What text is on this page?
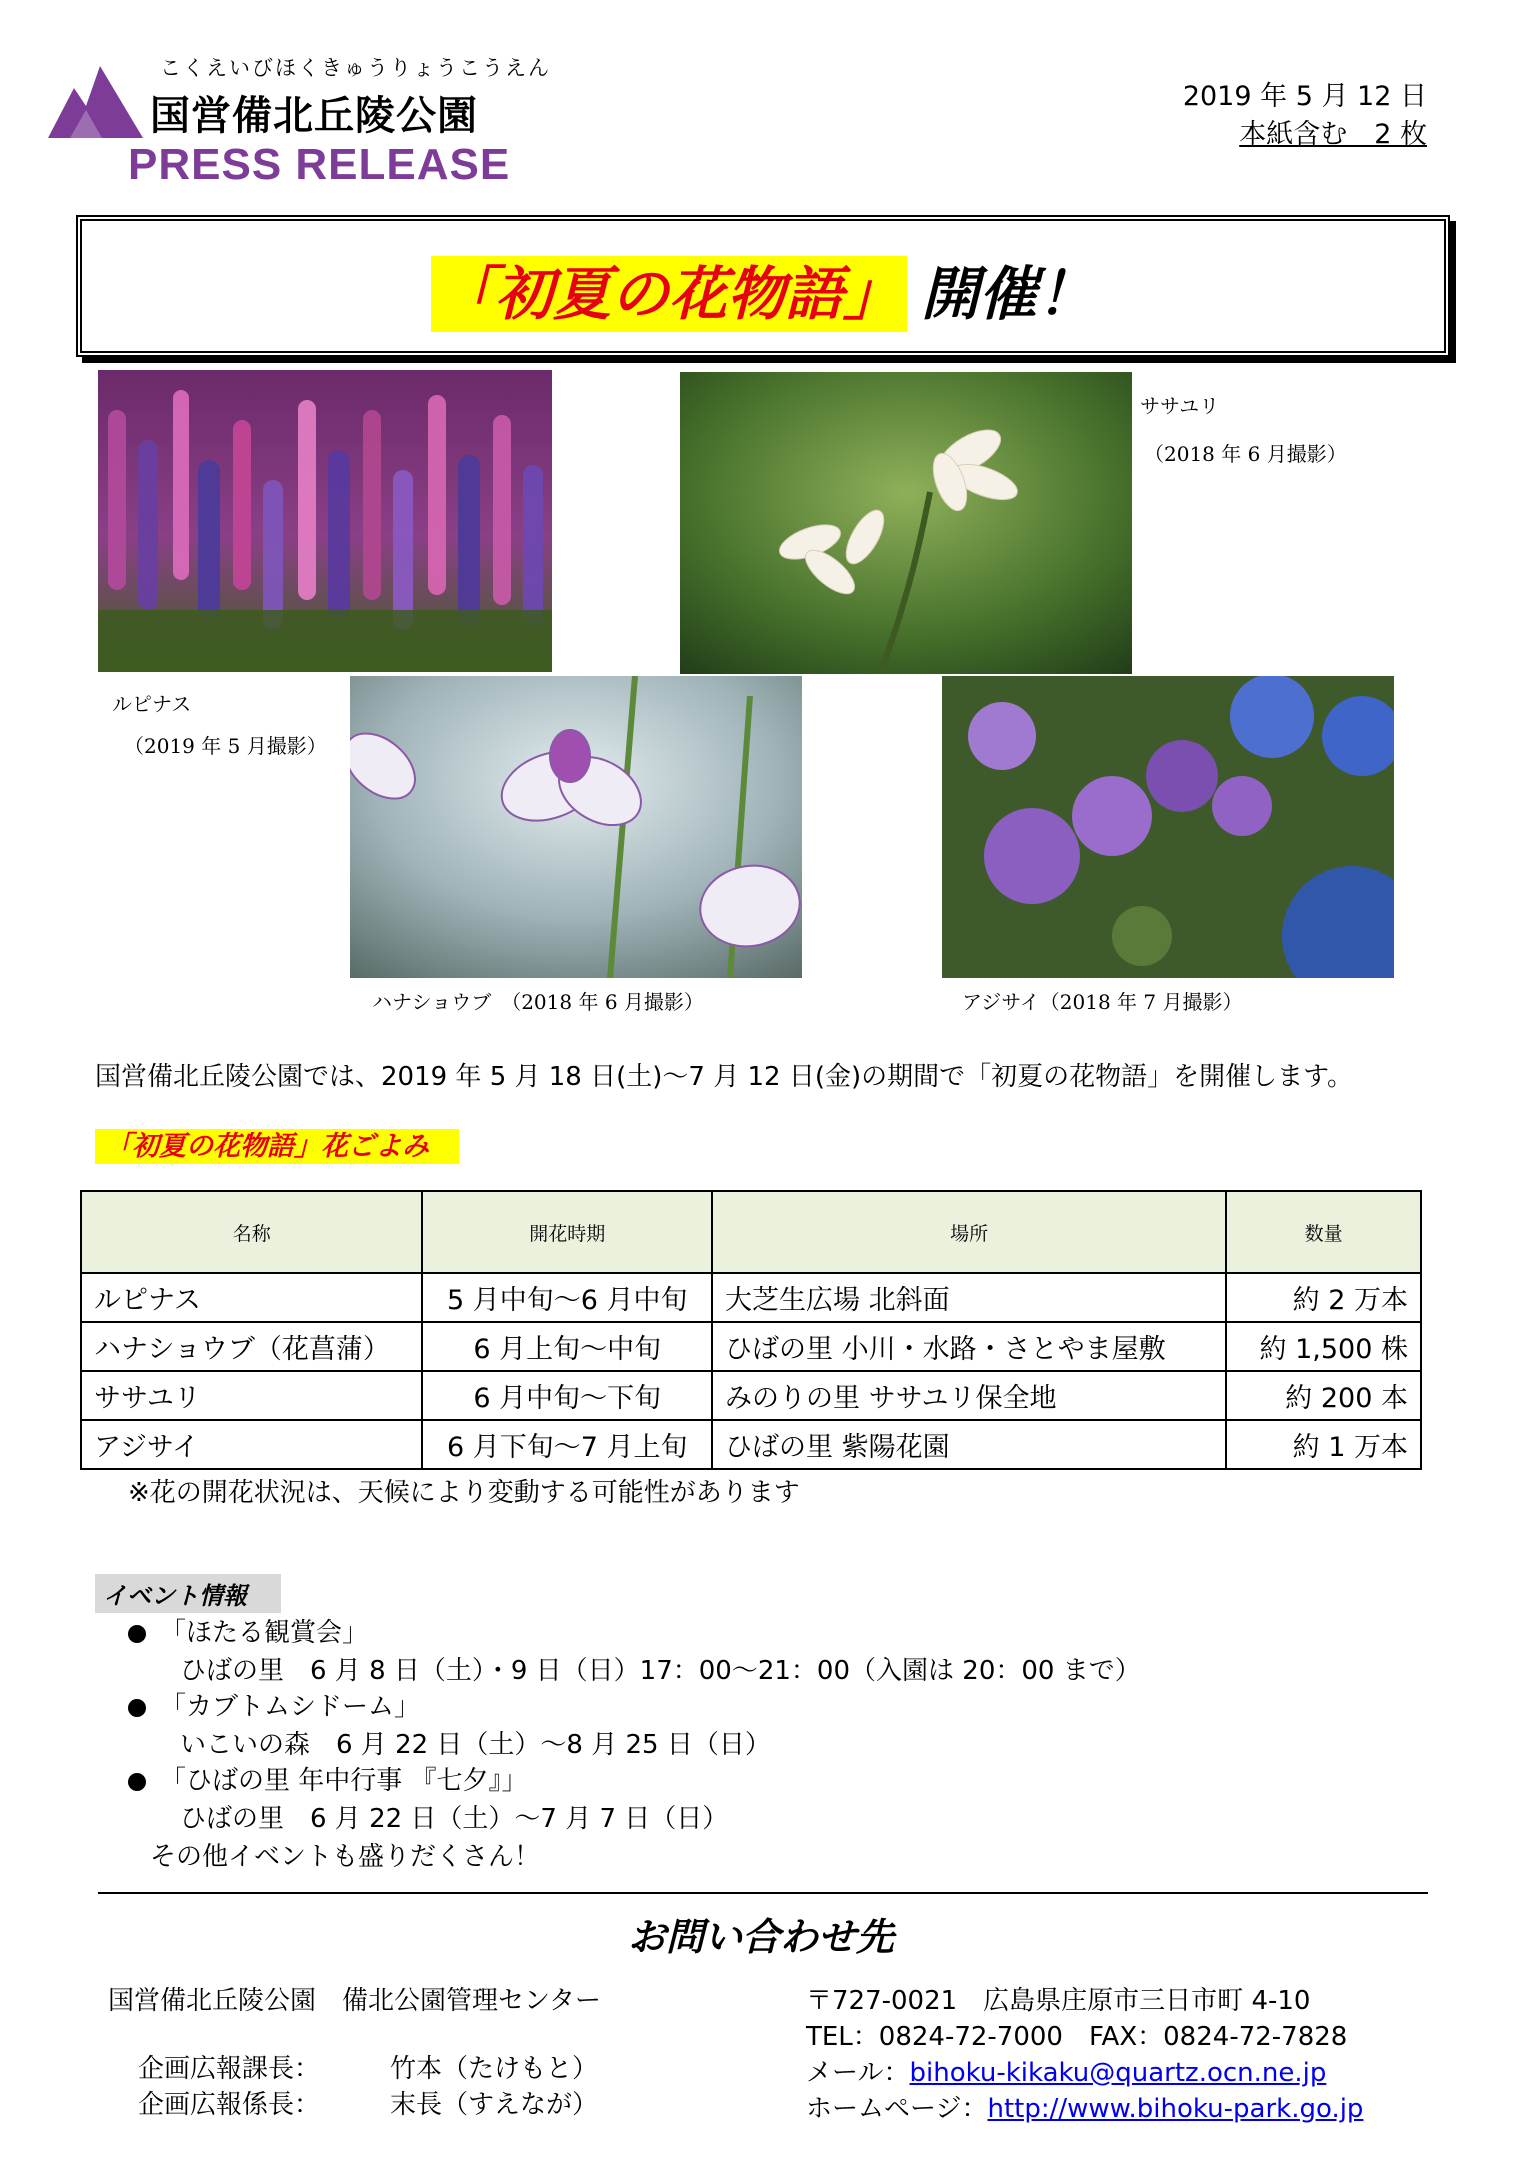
こくえいびほくきゅうりょうこうえん
国営備北丘陵公園
PRESS RELEASE
2019 年 5 月 12 日
本紙含む　2 枚
「初夏の花物語」 開催！
ルピナス
（2019 年 5 月撮影）
ササユリ
（2018 年 6 月撮影）
ハナショウブ　（2018 年 6 月撮影）	アジサイ（2018 年 7 月撮影）
国営備北丘陵公園では、2019 年 5 月 18 日(土)～7 月 12 日(金)の期間で「初夏の花物語」を開催します。
「初夏の花物語」花ごよみ
名称	開花時期	場所	数量
ルピナス	5 月中旬～6 月中旬	大芝生広場 北斜面	約 2 万本
ハナショウブ（花菖蒲）	6 月上旬～中旬	ひばの里 小川・水路・さとやま屋敷	約 1,500 株
ササユリ	6 月中旬～下旬	みのりの里 ササユリ保全地	約 200 本
アジサイ	6 月下旬～7 月上旬	ひばの里 紫陽花園	約 1 万本
※花の開花状況は、天候により変動する可能性があります
イベント情報
「ほたる観賞会」
ひばの里　6 月 8 日（土）・9 日（日）17：00～21：00（入園は 20：00 まで）
「カブトムシドーム」
いこいの森　6 月 22 日（土）～8 月 25 日（日）
「ひばの里 年中行事 『七夕』」
ひばの里　6 月 22 日（土）～7 月 7 日（日）
その他イベントも盛りだくさん！
お問い合わせ先
国営備北丘陵公園　備北公園管理センター
企画広報課長：	竹本（たけもと）
企画広報係長：	末長（すえなが）
〒727-0021　広島県庄原市三日市町 4-10
TEL：0824-72-7000　FAX：0824-72-7828
メール：bihoku-kikaku@quartz.ocn.ne.jp
ホームページ：http://www.bihoku-park.go.jp
